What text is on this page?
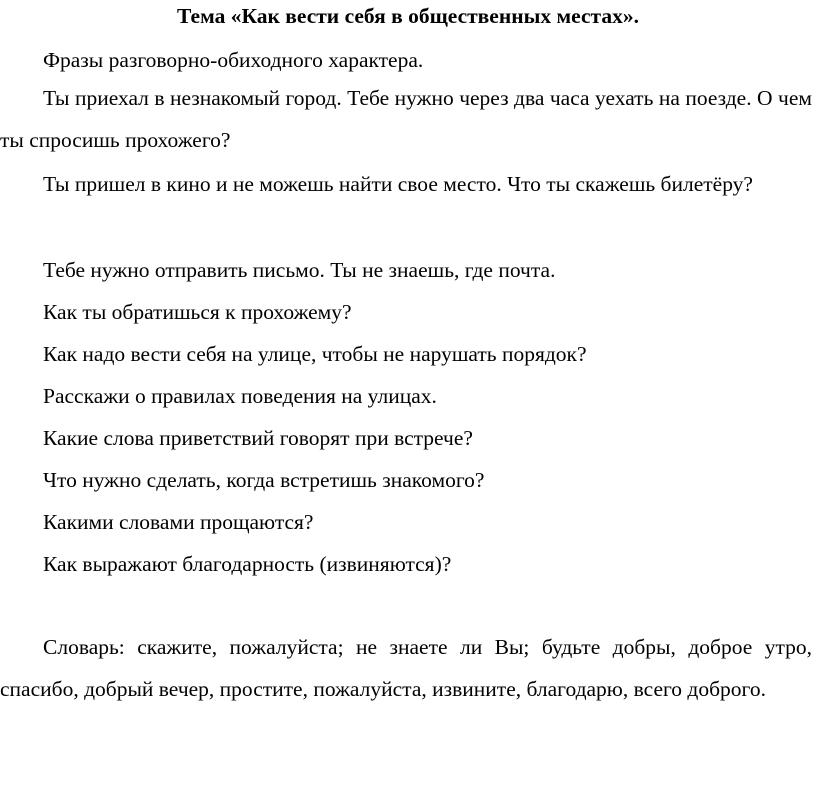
Тема «Как вести себя в общественных местах».
Фразы разговорно-обиходного характера.
Ты приехал в незнакомый город. Тебе нужно через два часа уехать на поезде. О чем ты спросишь прохожего?
Ты пришел в кино и не можешь найти свое место. Что ты скажешь билетёру?
Тебе нужно отправить письмо. Ты не знаешь, где почта.
Как ты обратишься к прохожему?
Как надо вести себя на улице, чтобы не нарушать порядок?
Расскажи о правилах поведения на улицах.
Какие слова приветствий говорят при встрече?
Что нужно сделать, когда встретишь знакомого?
Какими словами прощаются?
Как выражают благодарность (извиняются)?
Словарь: скажите, пожалуйста; не знаете ли Вы; будьте добры, доброе утро, спасибо, добрый вечер, простите, пожалуйста, извините, благодарю, всего доброго.
